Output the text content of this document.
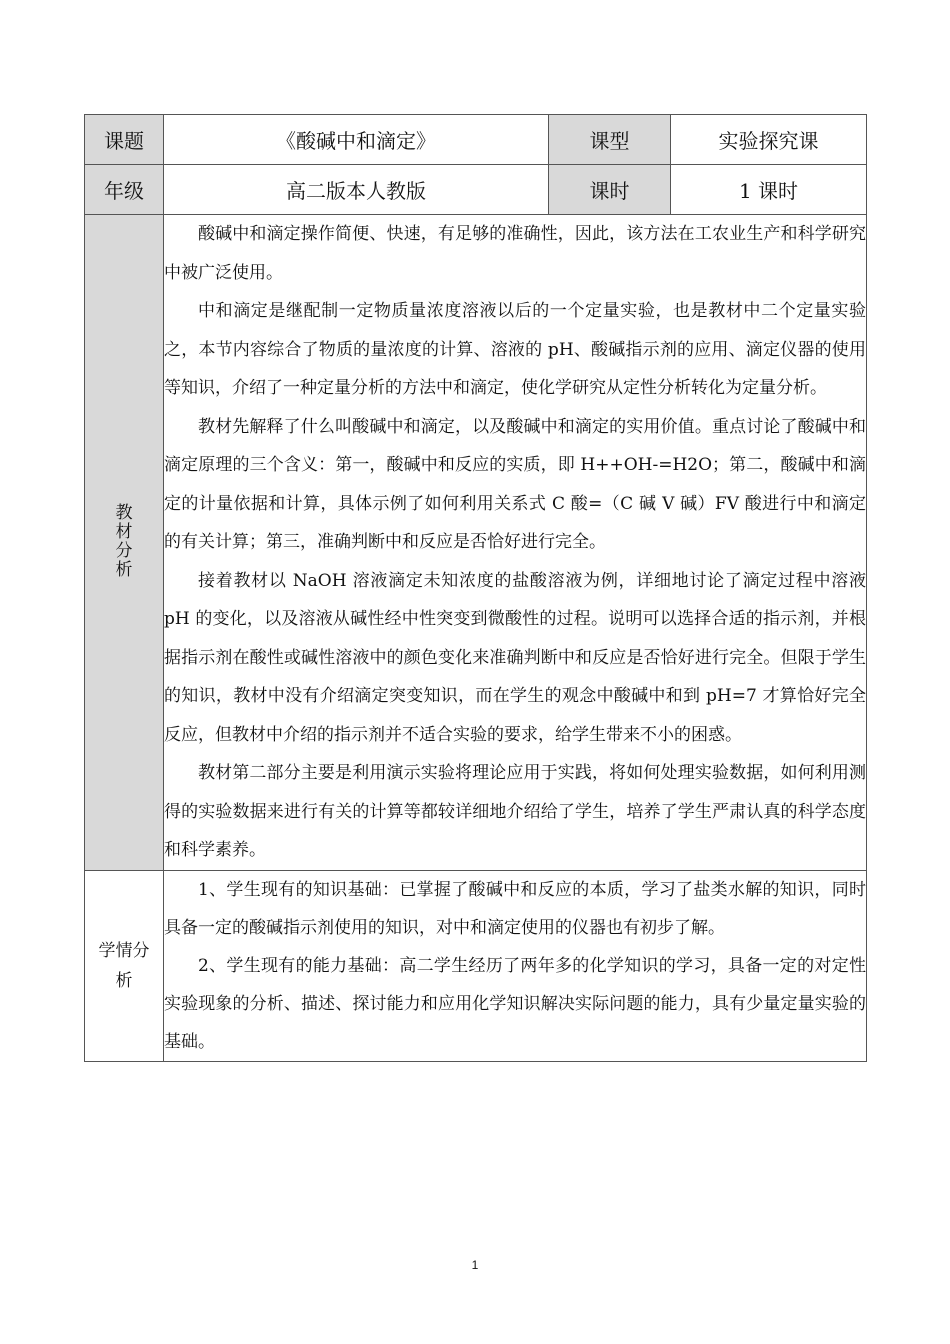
课题	《酸碱中和滴定》	课型	实验探究课
年级	高二版本人教版	课时	1 课时

教材分析	酸碱中和滴定操作简便、快速，有足够的准确性，因此，该方法在工农业生产和科学研究中被广泛使用。

中和滴定是继配制一定物质量浓度溶液以后的一个定量实验，也是教材中二个定量实验之，本节内容综合了物质的量浓度的计算、溶液的 pH、酸碱指示剂的应用、滴定仪器的使用等知识，介绍了一种定量分析的方法中和滴定，使化学研究从定性分析转化为定量分析。

教材先解释了什么叫酸碱中和滴定，以及酸碱中和滴定的实用价值。重点讨论了酸碱中和滴定原理的三个含义：第一，酸碱中和反应的实质，即 H++OH-=H2O；第二，酸碱中和滴定的计量依据和计算，具体示例了如何利用关系式 C 酸=（C 碱 V 碱）FV 酸进行中和滴定的有关计算；第三，准确判断中和反应是否恰好进行完全。

接着教材以 NaOH 溶液滴定未知浓度的盐酸溶液为例，详细地讨论了滴定过程中溶液 pH 的变化，以及溶液从碱性经中性突变到微酸性的过程。说明可以选择合适的指示剂，并根据指示剂在酸性或碱性溶液中的颜色变化来准确判断中和反应是否恰好进行完全。但限于学生的知识，教材中没有介绍滴定突变知识，而在学生的观念中酸碱中和到 pH=7 才算恰好完全反应，但教材中介绍的指示剂并不适合实验的要求，给学生带来不小的困惑。

教材第二部分主要是利用演示实验将理论应用于实践，将如何处理实验数据，如何利用测得的实验数据来进行有关的计算等都较详细地介绍给了学生，培养了学生严肃认真的科学态度和科学素养。		

学情分析	1、学生现有的知识基础：已掌握了酸碱中和反应的本质，学习了盐类水解的知识，同时具备一定的酸碱指示剂使用的知识，对中和滴定使用的仪器也有初步了解。

2、学生现有的能力基础：高二学生经历了两年多的化学知识的学习，具备一定的对定性实验现象的分析、描述、探讨能力和应用化学知识解决实际问题的能力，具有少量定量实验的基础。		

1
